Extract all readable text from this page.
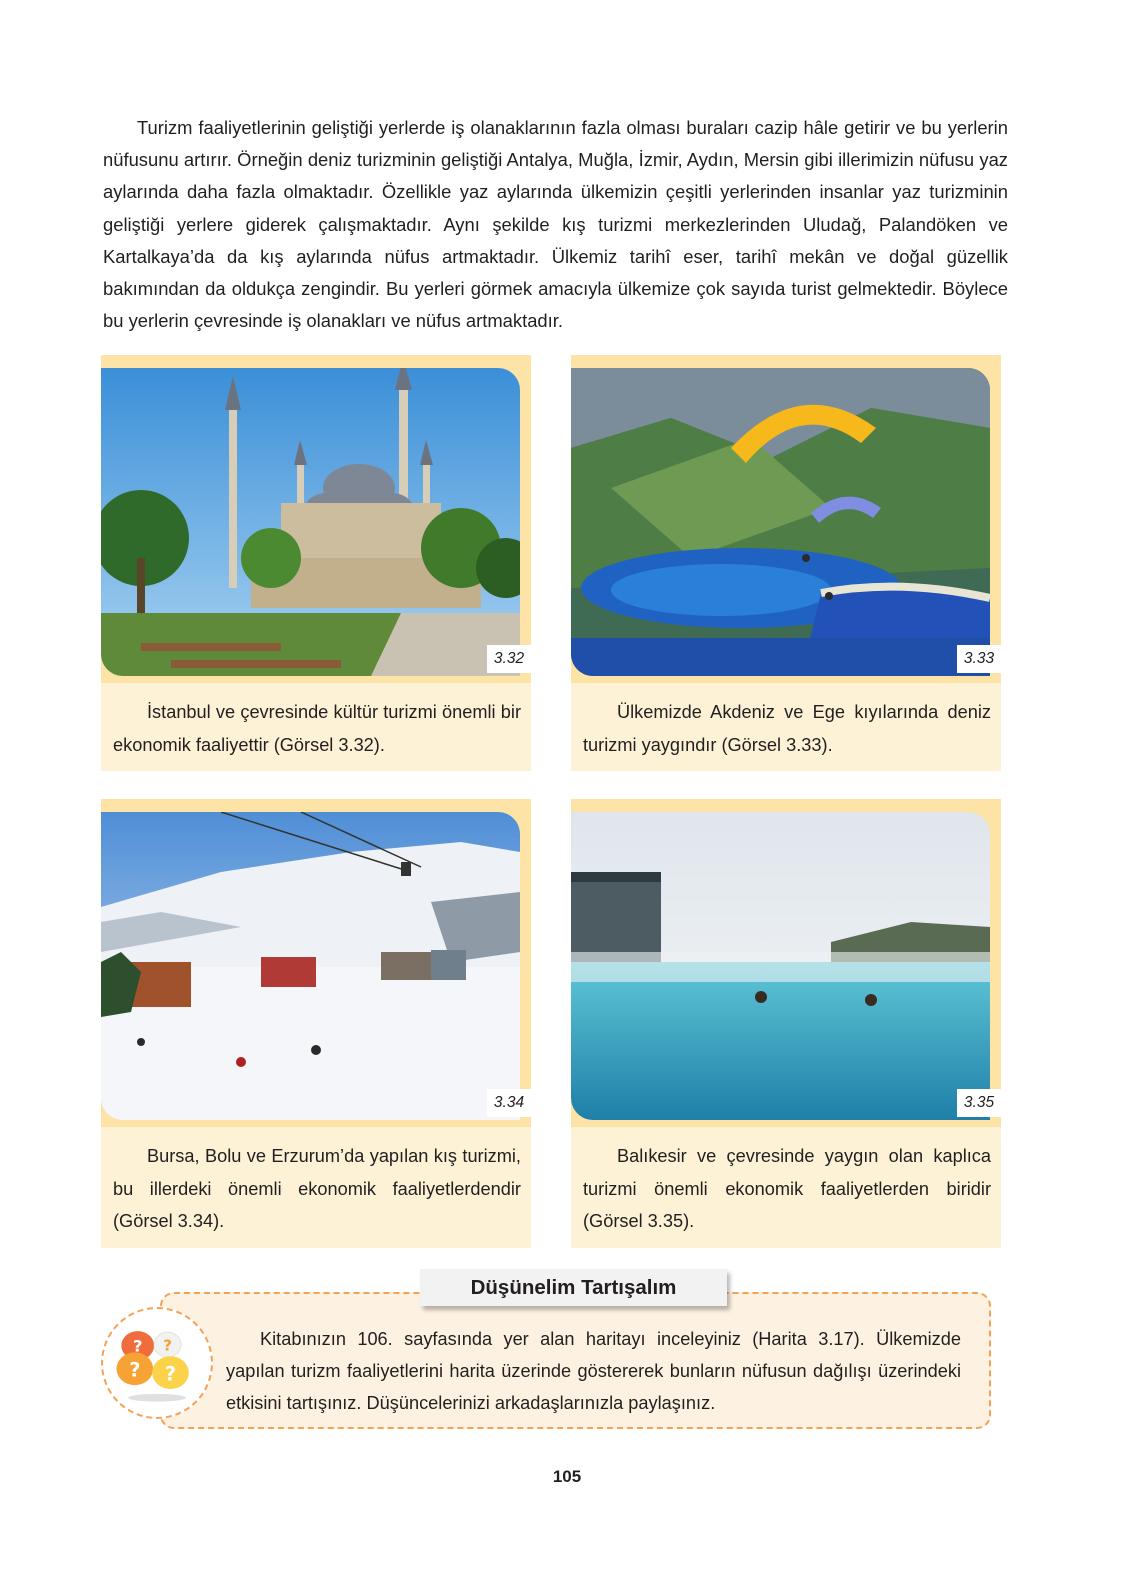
Turizm faaliyetlerinin geliştiği yerlerde iş olanaklarının fazla olması buraları cazip hâle getirir ve bu yerlerin nüfusunu artırır. Örneğin deniz turizminin geliştiği Antalya, Muğla, İzmir, Aydın, Mersin gibi illerimizin nüfusu yaz aylarında daha fazla olmaktadır. Özellikle yaz aylarında ülkemizin çeşitli yerlerinden insanlar yaz turizminin geliştiği yerlere giderek çalışmaktadır. Aynı şekilde kış turizmi merkezlerinden Uludağ, Palandöken ve Kartalkaya’da da kış aylarında nüfus artmaktadır. Ülkemiz tarihî eser, tarihî mekân ve doğal güzellik bakımından da oldukça zengindir. Bu yerleri görmek amacıyla ülkemize çok sayıda turist gelmektedir. Böylece bu yerlerin çevresinde iş olanakları ve nüfus artmaktadır.

3.32
İstanbul ve çevresinde kültür turizmi önemli bir ekonomik faaliyettir (Görsel 3.32).
3.33
Ülkemizde Akdeniz ve Ege kıyılarında deniz turizmi yaygındır (Görsel 3.33).
3.34
Bursa, Bolu ve Erzurum’da yapılan kış turizmi, bu illerdeki önemli ekonomik faaliyetlerdendir (Görsel 3.34).
3.35
Balıkesir ve çevresinde yaygın olan kaplıca turizmi önemli ekonomik faaliyetlerden biridir (Görsel 3.35).
? ?
? ?
Düşünelim Tartışalım

Kitabınızın 106. sayfasında yer alan haritayı inceleyiniz (Harita 3.17). Ülkemizde yapılan turizm faaliyetlerini harita üzerinde göstererek bunların nüfusun dağılışı üzerindeki etkisini tartışınız. Düşüncelerinizi arkadaşlarınızla paylaşınız.

105
